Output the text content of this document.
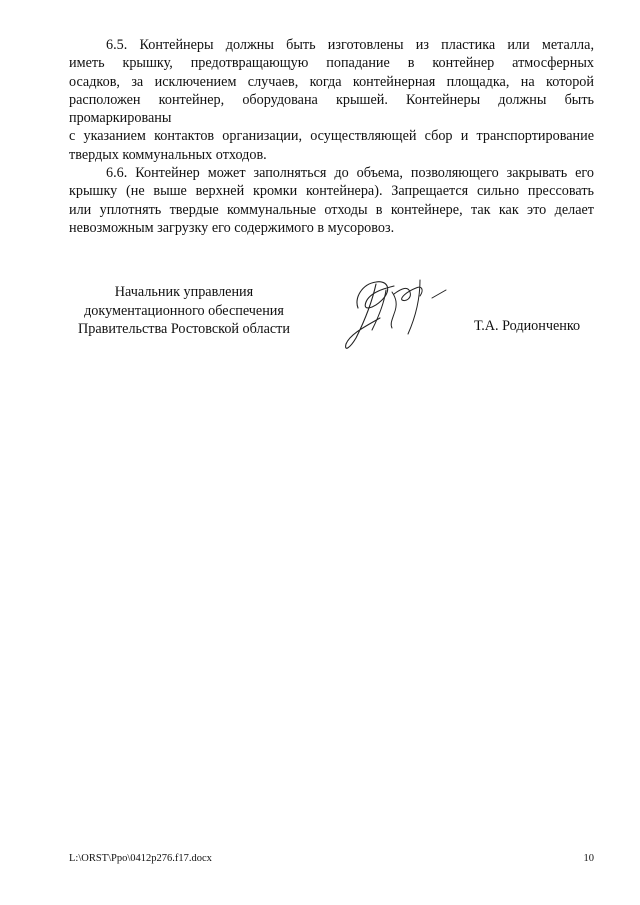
6.5. Контейнеры должны быть изготовлены из пластика или металла,
иметь крышку, предотвращающую попадание в контейнер атмосферных
осадков, за исключением случаев, когда контейнерная площадка, на которой
расположен контейнер, оборудована крышей. Контейнеры должны быть
промаркированы

с указанием контактов организации, осуществляющей сбор и транспортирование
твердых коммунальных отходов.

6.6. Контейнер может заполняться до объема, позволяющего закрывать его
крышку (не выше верхней кромки контейнера). Запрещается сильно прессовать
или уплотнять твердые коммунальные отходы в контейнере, так как это делает
невозможным загрузку его содержимого в мусоровоз.

Начальник управления
документационного обеспечения
Правительства Ростовской области	Т.А. Родионченко
L:\ORST\Ppo\0412p276.f17.docx	10
